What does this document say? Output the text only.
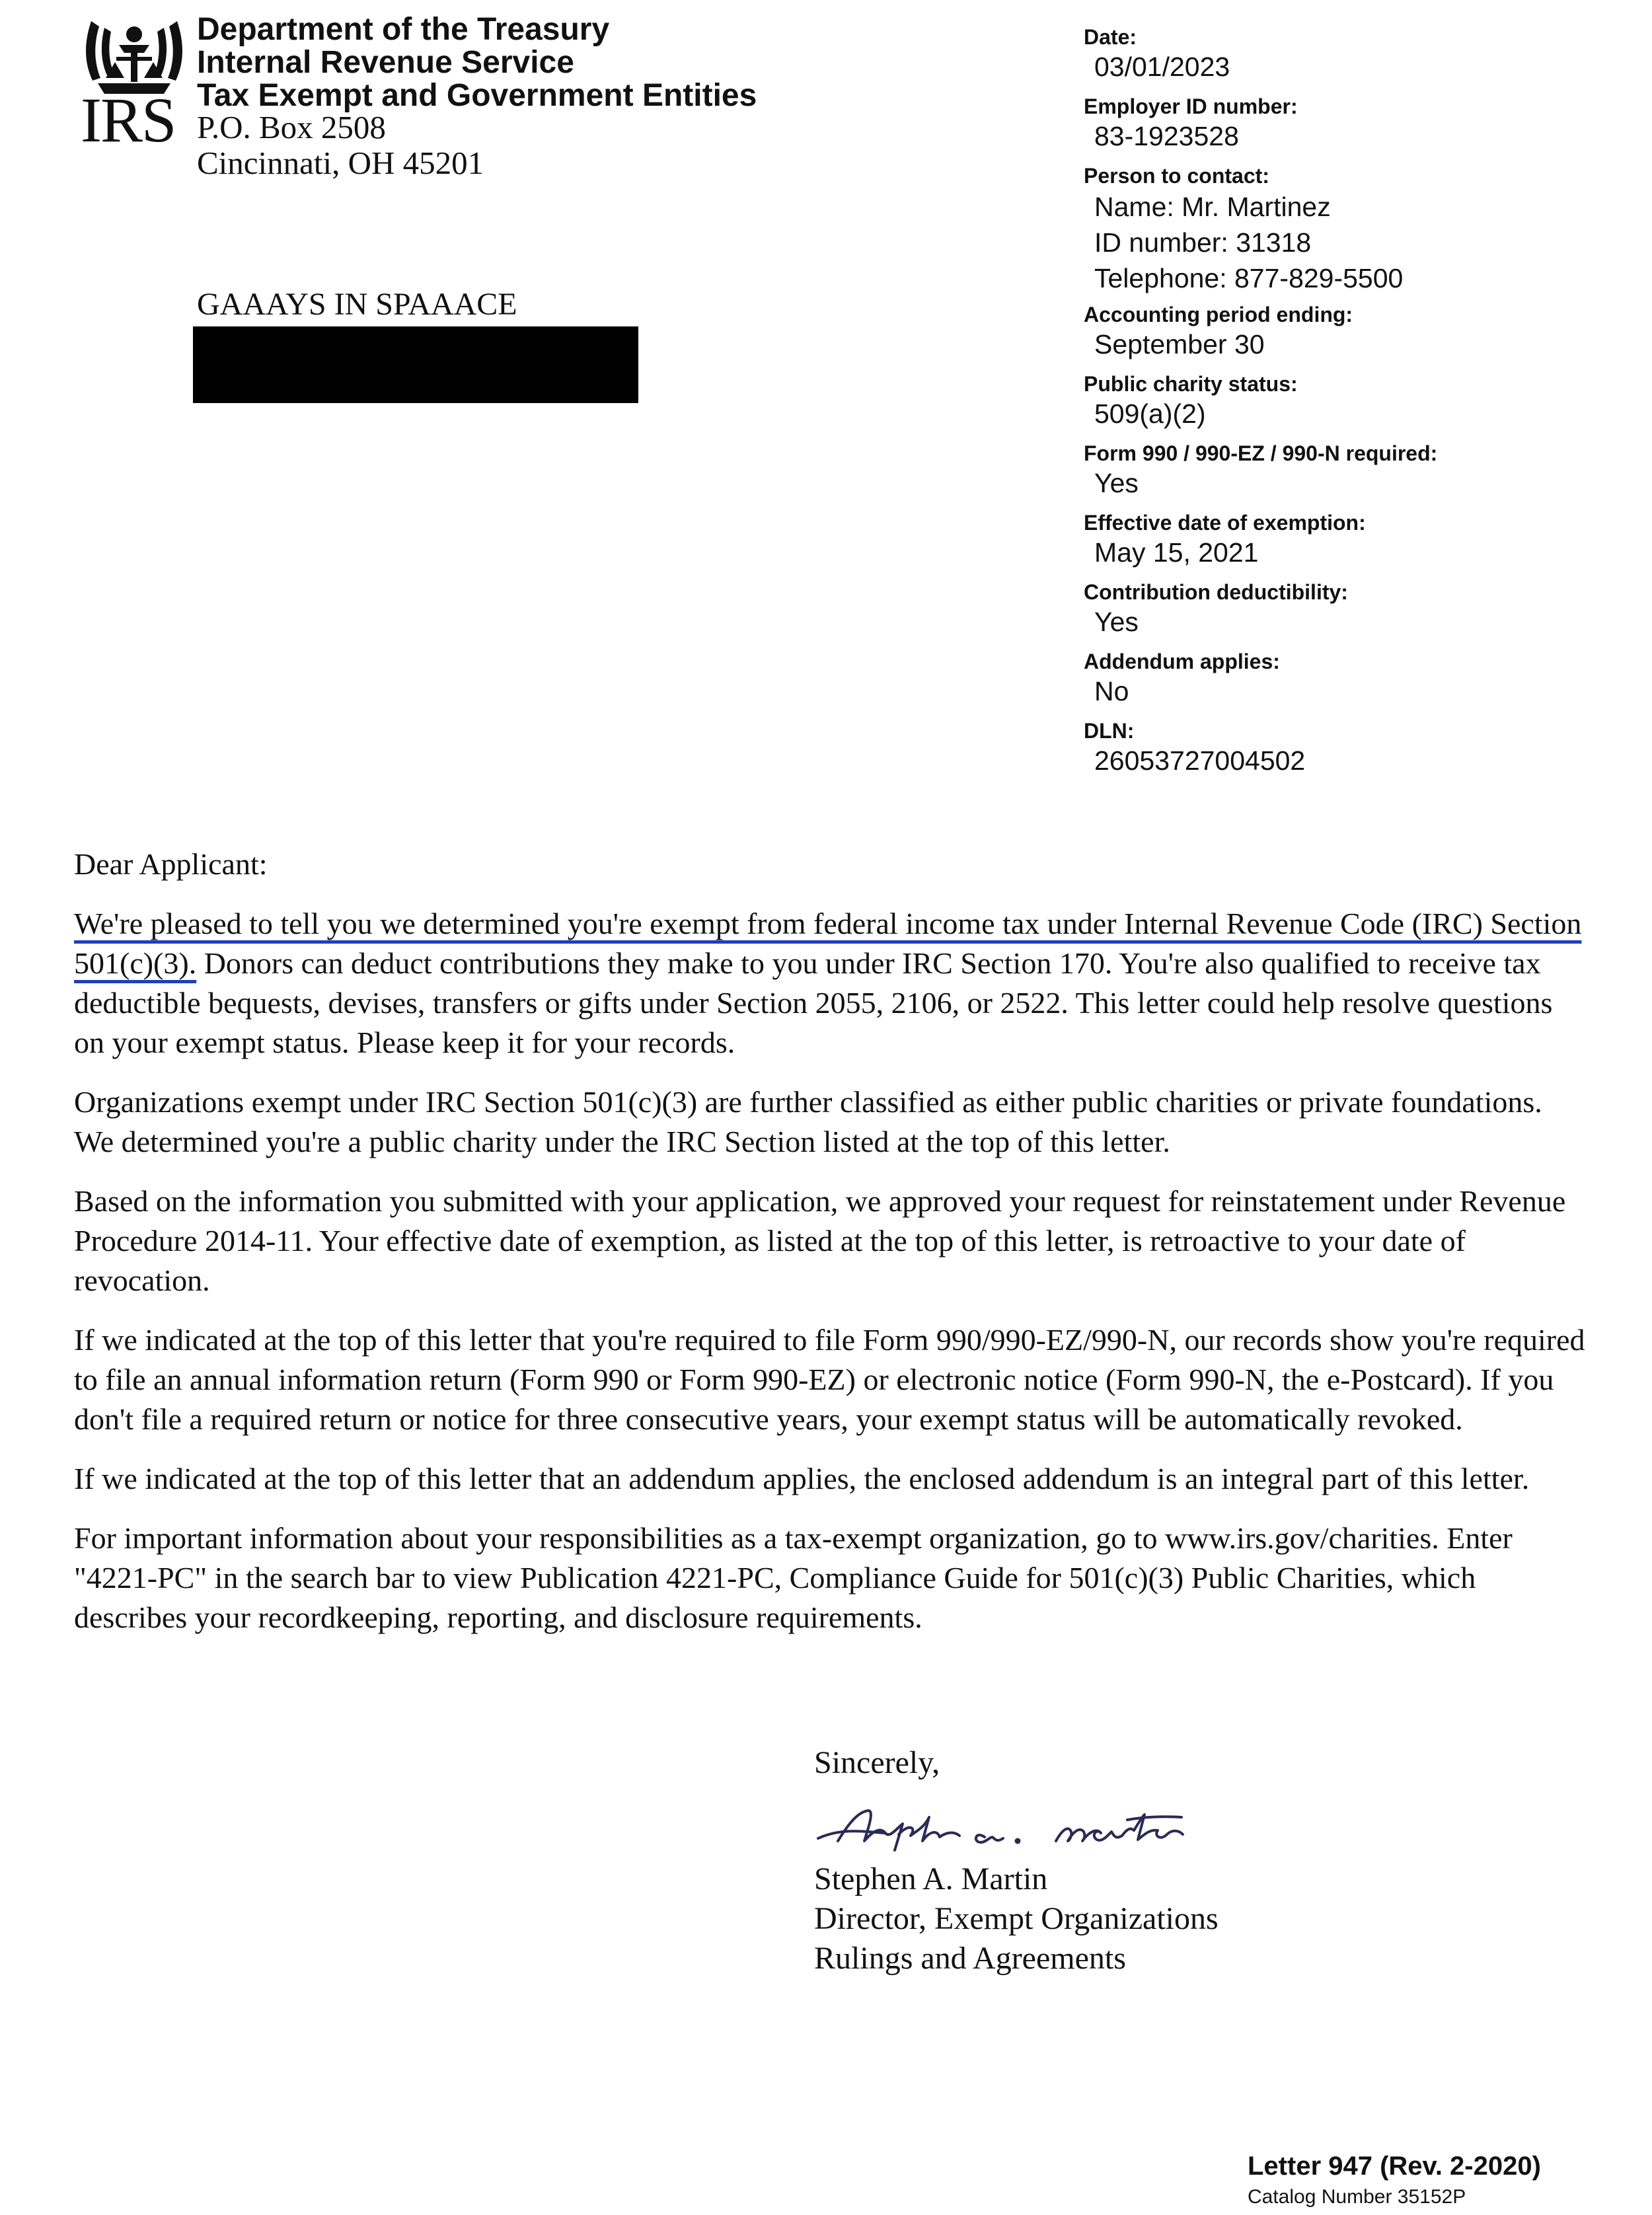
IRS
Department of the Treasury
Internal Revenue Service
Tax Exempt and Government Entities
P.O. Box 2508
Cincinnati, OH 45201
GAAAYS IN SPAAACE
Date:
03/01/2023
Employer ID number:
83-1923528
Person to contact:
Name: Mr. Martinez
ID number: 31318
Telephone: 877-829-5500
Accounting period ending:
September 30
Public charity status:
509(a)(2)
Form 990 / 990-EZ / 990-N required:
Yes
Effective date of exemption:
May 15, 2021
Contribution deductibility:
Yes
Addendum applies:
No
DLN:
26053727004502
Dear Applicant:
We're pleased to tell you we determined you're exempt from federal income tax under Internal Revenue Code (IRC) Section 501(c)(3). Donors can deduct contributions they make to you under IRC Section 170. You're also qualified to receive tax deductible bequests, devises, transfers or gifts under Section 2055, 2106, or 2522. This letter could help resolve questions on your exempt status. Please keep it for your records.
Organizations exempt under IRC Section 501(c)(3) are further classified as either public charities or private foundations. We determined you're a public charity under the IRC Section listed at the top of this letter.
Based on the information you submitted with your application, we approved your request for reinstatement under Revenue Procedure 2014-11. Your effective date of exemption, as listed at the top of this letter, is retroactive to your date of revocation.
If we indicated at the top of this letter that you're required to file Form 990/990-EZ/990-N, our records show you're required to file an annual information return (Form 990 or Form 990-EZ) or electronic notice (Form 990-N, the e-Postcard). If you don't file a required return or notice for three consecutive years, your exempt status will be automatically revoked.
If we indicated at the top of this letter that an addendum applies, the enclosed addendum is an integral part of this letter.
For important information about your responsibilities as a tax-exempt organization, go to www.irs.gov/charities. Enter "4221-PC" in the search bar to view Publication 4221-PC, Compliance Guide for 501(c)(3) Public Charities, which describes your recordkeeping, reporting, and disclosure requirements.
Sincerely,
Stephen A. Martin
Director, Exempt Organizations
Rulings and Agreements
Letter 947 (Rev. 2-2020)
Catalog Number 35152P
